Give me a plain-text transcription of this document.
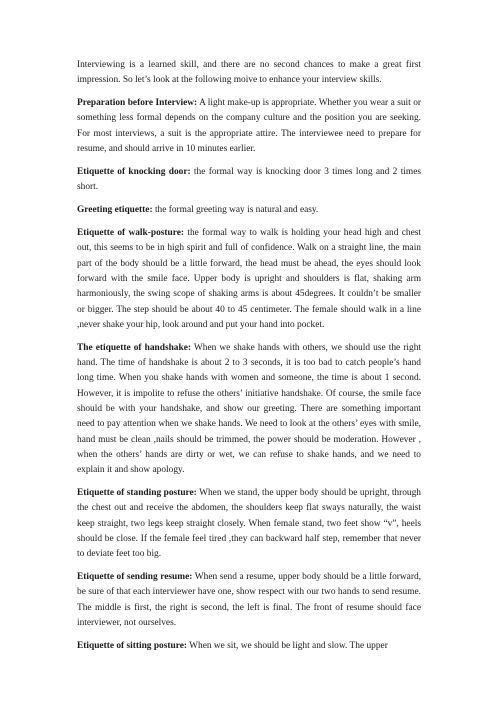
Interviewing is a learned skill, and there are no second chances to make a great first impression. So let’s look at the following moive to enhance your interview skills.

Preparation before Interview: A light make-up is appropriate. Whether you wear a suit or something less formal depends on the company culture and the position you are seeking. For most interviews, a suit is the appropriate attire. The interviewee need to prepare for resume, and should arrive in 10 minutes earlier.

Etiquette of knocking door: the formal way is knocking door 3 times long and 2 times short.

Greeting etiquette: the formal greeting way is natural and easy.

Etiquette of walk-posture: the formal way to walk is holding your head high and chest out, this seems to be in high spirit and full of confidence. Walk on a straight line, the main part of the body should be a little forward, the head must be ahead, the eyes should look forward with the smile face. Upper body is upright and shoulders is flat, shaking arm harmoniously, the swing scope of shaking arms is about 45degrees. It couldn’t be smaller or bigger. The step should be about 40 to 45 centimeter. The female should walk in a line ,never shake your hip, look around and put your hand into pocket.

The etiquette of handshake: When we shake hands with others, we should use the right hand. The time of handshake is about 2 to 3 seconds, it is too bad to catch people’s hand long time. When you shake hands with women and someone, the time is about 1 second. However, it is impolite to refuse the others’ initiative handshake. Of course, the smile face should be with your handshake, and show our greeting. There are something important need to pay attention when we shake hands. We need to look at the others’ eyes with smile, hand must be clean ,nails should be trimmed, the power should be moderation. However , when the others’ hands are dirty or wet, we can refuse to shake hands, and we need to explain it and show apology.

Etiquette of standing posture: When we stand, the upper body should be upright, through the chest out and receive the abdomen, the shoulders keep flat sways naturally, the waist keep straight, two legs keep straight closely. When female stand, two feet show “v”, heels should be close. If the female feel tired ,they can backward half step, remember that never to deviate feet too big.

Etiquette of sending resume: When send a resume, upper body should be a little forward, be sure of that each interviewer have one, show respect with our two hands to send resume. The middle is first, the right is second, the left is final. The front of resume should face interviewer, not ourselves.

Etiquette of sitting posture: When we sit, we should be light and slow. The upper
